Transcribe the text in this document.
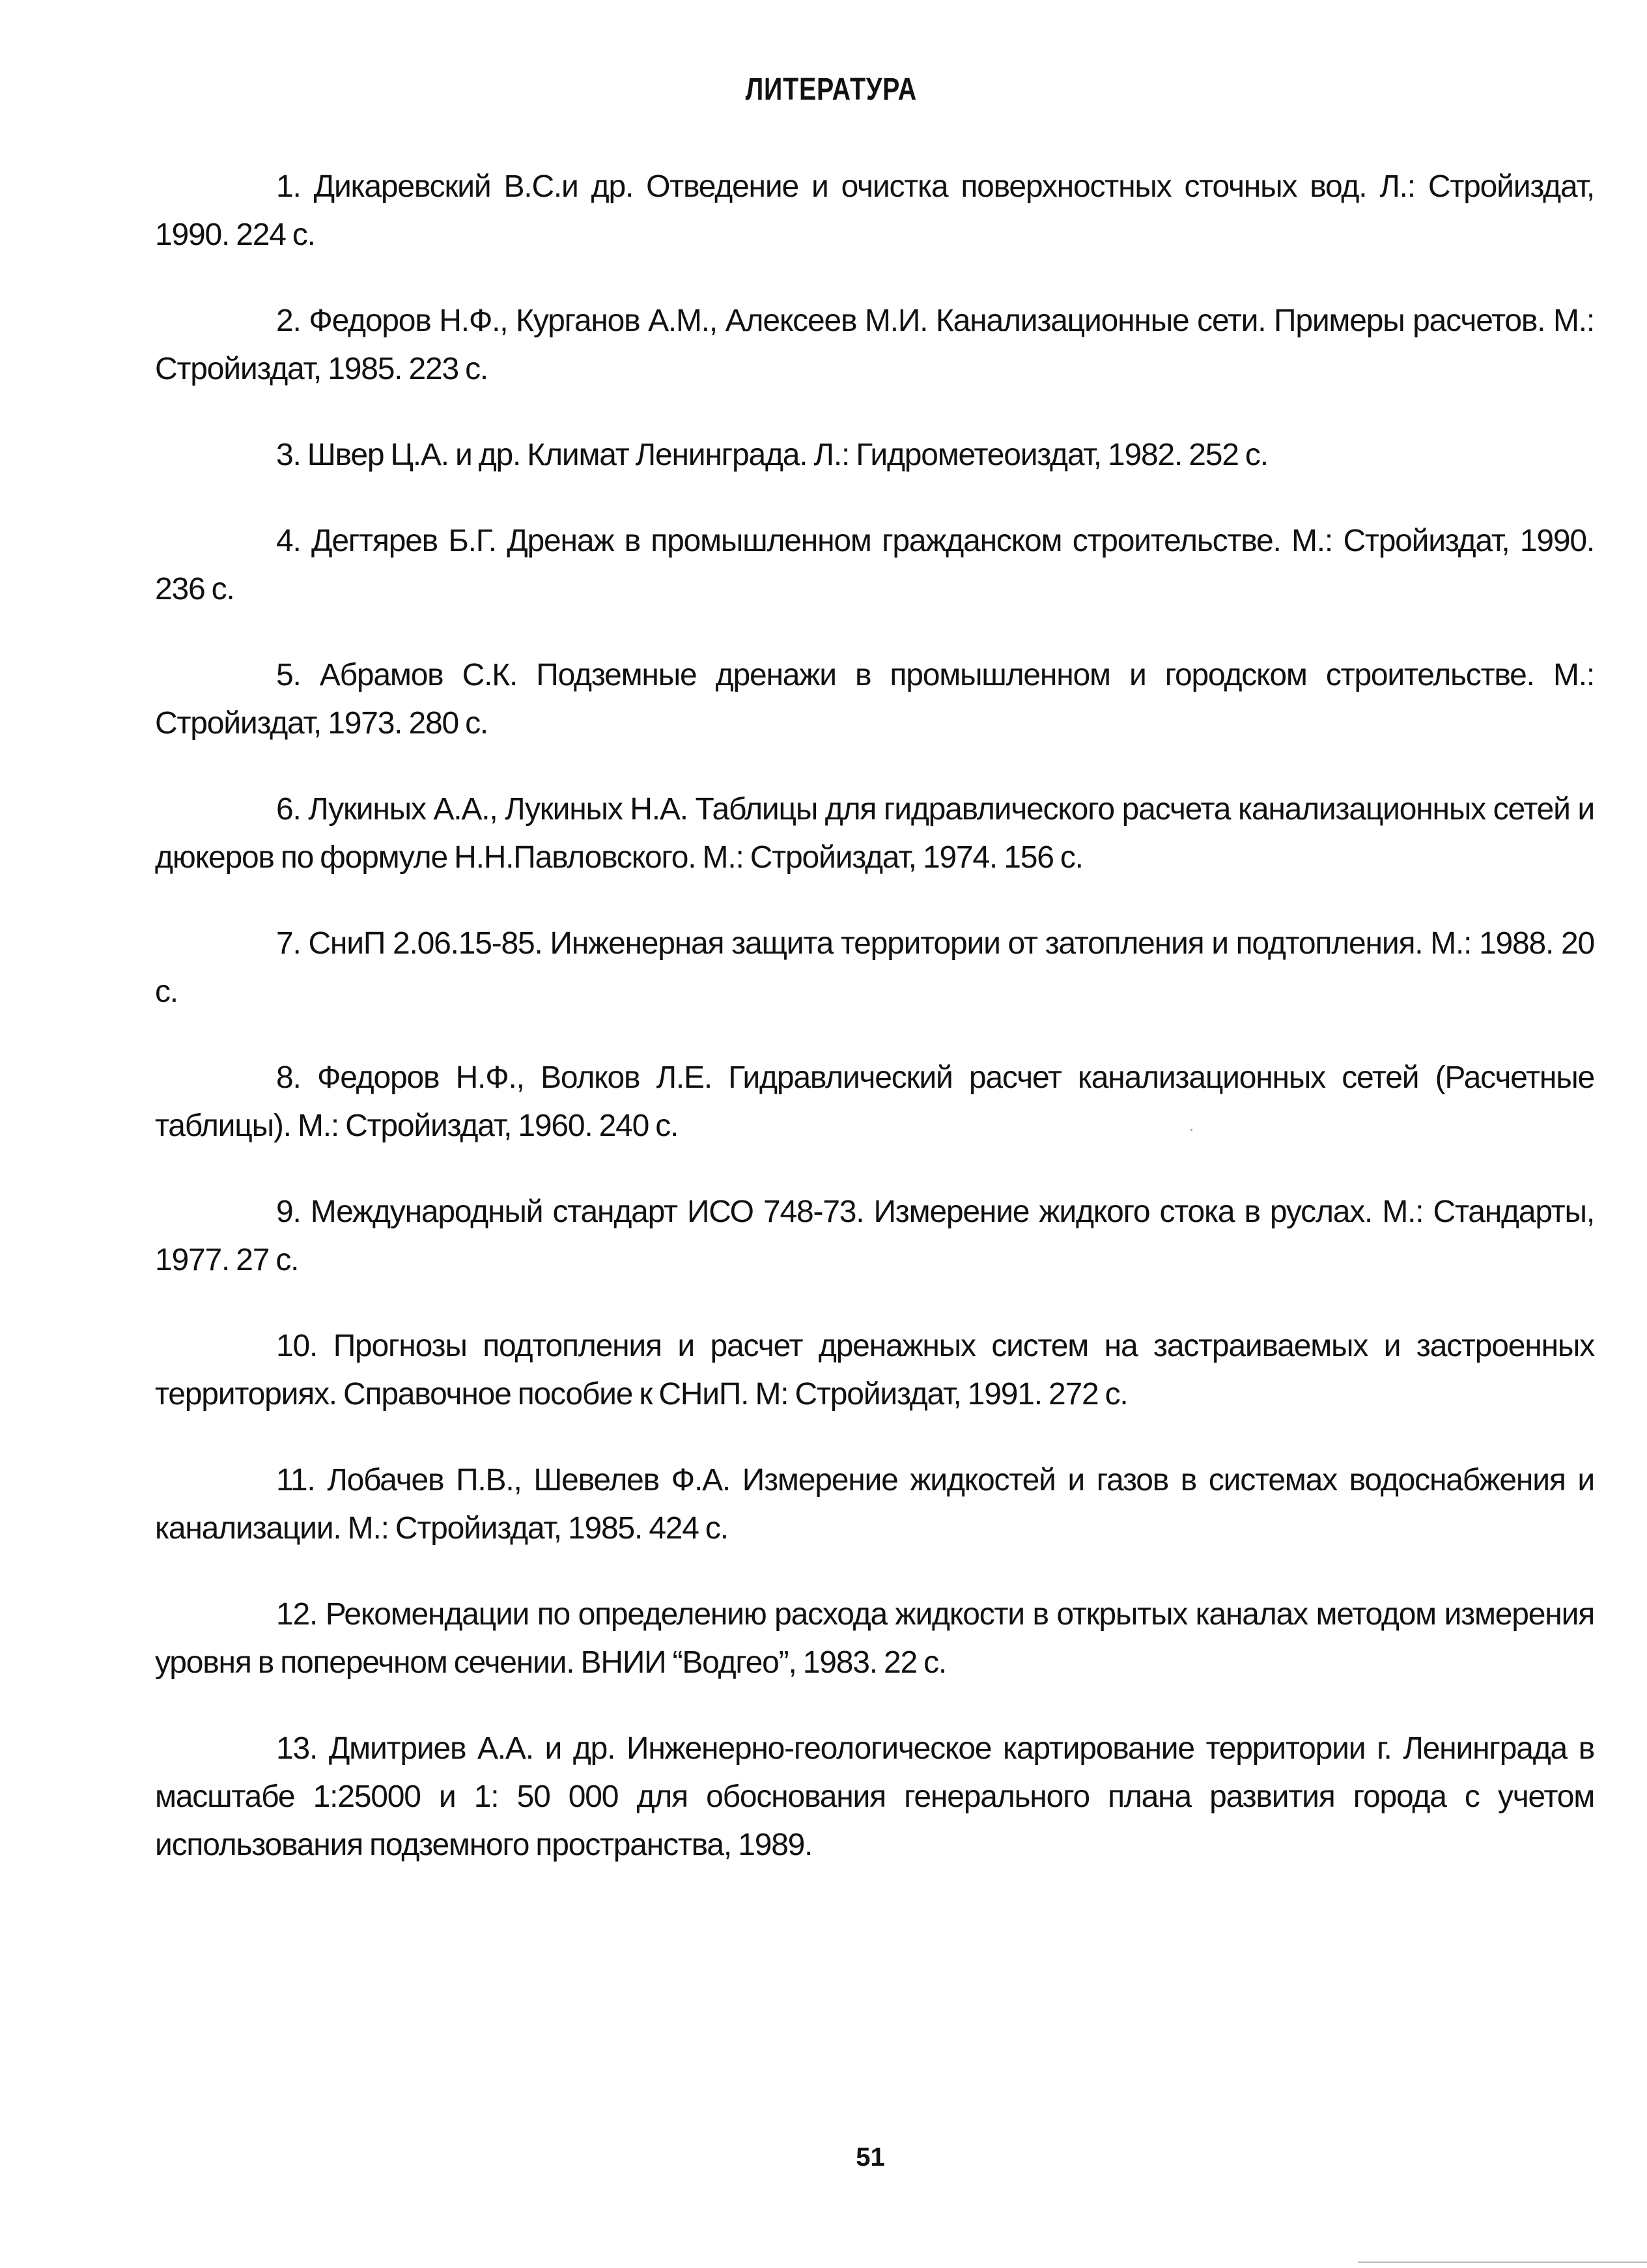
ЛИТЕРАТУРА
1. Дикаревский В.С.и др. Отведение и очистка поверхностных сточных вод. Л.: Стройиздат, 1990. 224 с.
2. Федоров Н.Ф., Курганов А.М., Алексеев М.И. Канализационные сети. Примеры расчетов. М.: Стройиздат, 1985. 223 с.
3. Швер Ц.А. и др. Климат Ленинграда. Л.: Гидрометеоиздат, 1982. 252 с.
4. Дегтярев Б.Г. Дренаж в промышленном гражданском строительстве. М.: Стройиздат, 1990. 236 с.
5. Абрамов С.К. Подземные дренажи в промышленном и городском строительстве. М.: Стройиздат, 1973. 280 с.
6. Лукиных А.А., Лукиных Н.А. Таблицы для гидравлического расчета канализационных сетей и дюкеров по формуле Н.Н.Павловского. М.: Стройиздат, 1974. 156 с.
7. СниП 2.06.15-85. Инженерная защита территории от затопления и подтопления. М.: 1988. 20 с.
8. Федоров Н.Ф., Волков Л.Е. Гидравлический расчет канализационных сетей (Расчетные таблицы). М.: Стройиздат, 1960. 240 с.
9. Международный стандарт ИСО 748-73. Измерение жидкого стока в руслах. М.: Стандарты, 1977. 27 с.
10. Прогнозы подтопления и расчет дренажных систем на застраиваемых и застроенных территориях. Справочное пособие к СНиП. М: Стройиздат, 1991. 272 с.
11. Лобачев П.В., Шевелев Ф.А. Измерение жидкостей и газов в системах водоснабжения и канализации. М.: Стройиздат, 1985. 424 с.
12. Рекомендации по определению расхода жидкости в открытых каналах методом измерения уровня в поперечном сечении. ВНИИ “Водгео”, 1983. 22 с.
13. Дмитриев А.А. и др. Инженерно-геологическое картирование территории г. Ленинграда в масштабе 1:25000 и 1: 50 000 для обоснования генерального плана развития города с учетом использования подземного пространства, 1989.
51
